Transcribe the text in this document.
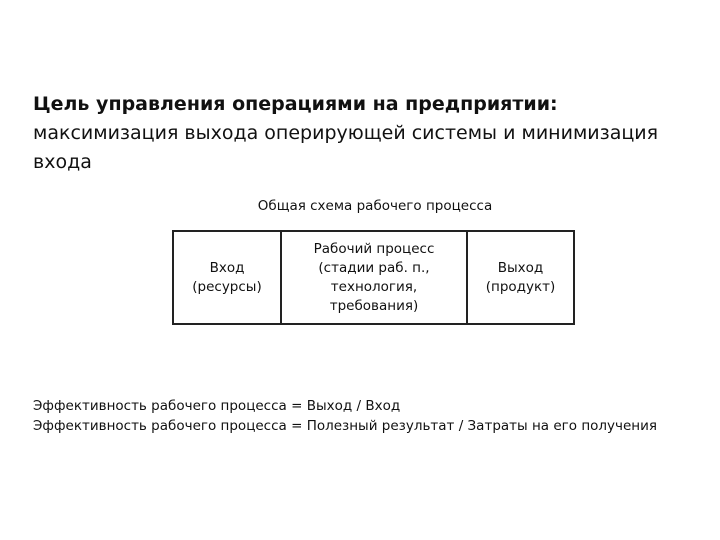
Цель управления операциями на предприятии: максимизация выхода оперирующей системы и минимизация входа

Общая схема рабочего процесса
Вход
(ресурсы)
Рабочий процесс
(стадии раб. п.,
технология,
требования)
Выход
(продукт)
Эффективность рабочего процесса = Выход / Вход
Эффективность рабочего процесса = Полезный результат / Затраты на его получения
